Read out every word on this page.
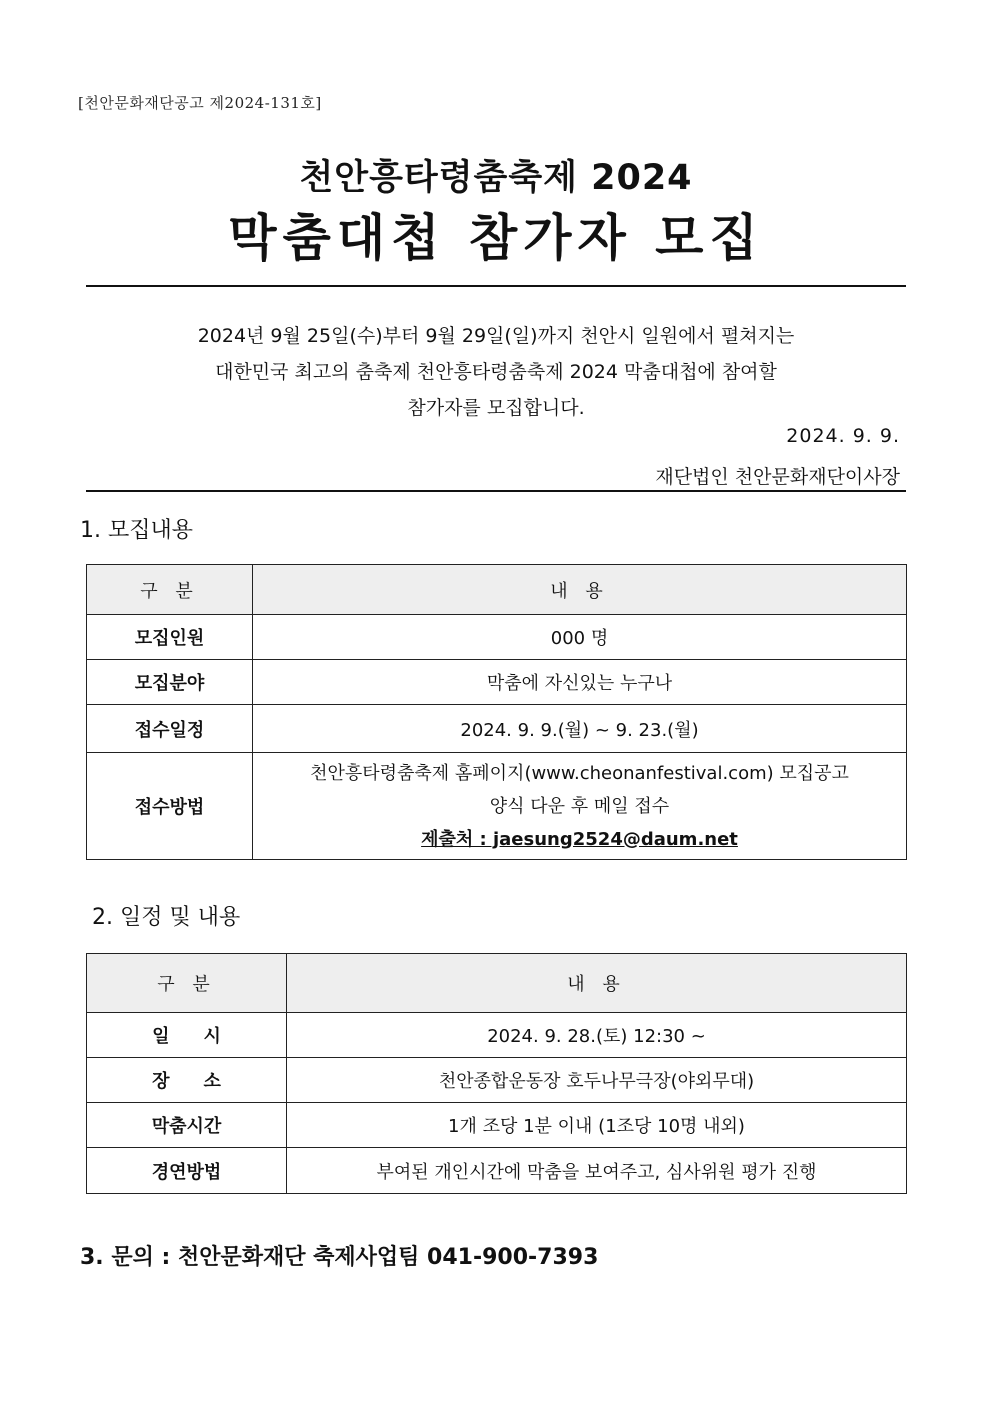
[천안문화재단공고 제2024-131호]
천안흥타령춤축제 2024
막춤대첩 참가자 모집
2024년 9월 25일(수)부터 9월 29일(일)까지 천안시 일원에서 펼쳐지는
대한민국 최고의 춤축제 천안흥타령춤축제 2024 막춤대첩에 참여할
참가자를 모집합니다.
2024. 9. 9.
재단법인 천안문화재단이사장
1. 모집내용
구 분	내 용
모집인원	000 명
모집분야	막춤에 자신있는 누구나
접수일정	2024. 9. 9.(월) ~ 9. 23.(월)
접수방법	천안흥타령춤축제 홈페이지(www.cheonanfestival.com) 모집공고
양식 다운 후 메일 접수
제출처 : jaesung2524@daum.net
2. 일정 및 내용
구 분	내 용
일시	2024. 9. 28.(토) 12:30 ~
장소	천안종합운동장 호두나무극장(야외무대)
막춤시간	1개 조당 1분 이내 (1조당 10명 내외)
경연방법	부여된 개인시간에 막춤을 보여주고, 심사위원 평가 진행
3. 문의 : 천안문화재단 축제사업팀 041-900-7393
